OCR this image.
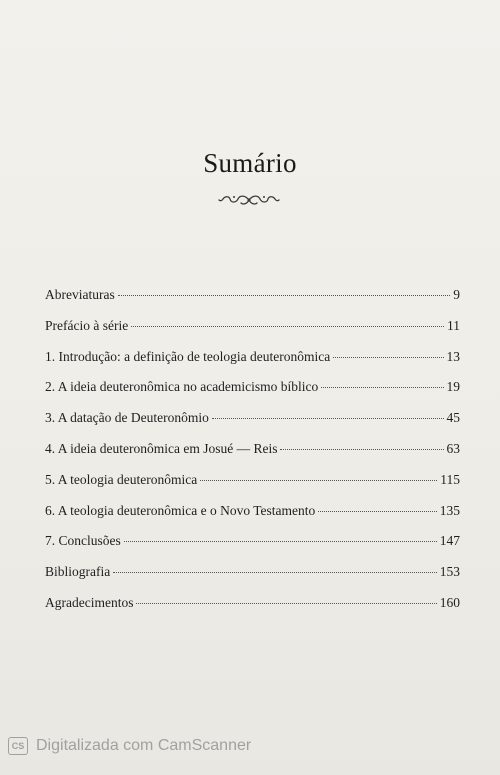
Sumário
Abreviaturas	9
Prefácio à série	11
1. Introdução: a definição de teologia deuteronômica	13
2. A ideia deuteronômica no academicismo bíblico	19
3. A datação de Deuteronômio	45
4. A ideia deuteronômica em Josué — Reis	63
5. A teologia deuteronômica	115
6. A teologia deuteronômica e o Novo Testamento	135
7. Conclusões	147
Bibliografia	153
Agradecimentos	160
CS Digitalizada com CamScanner
